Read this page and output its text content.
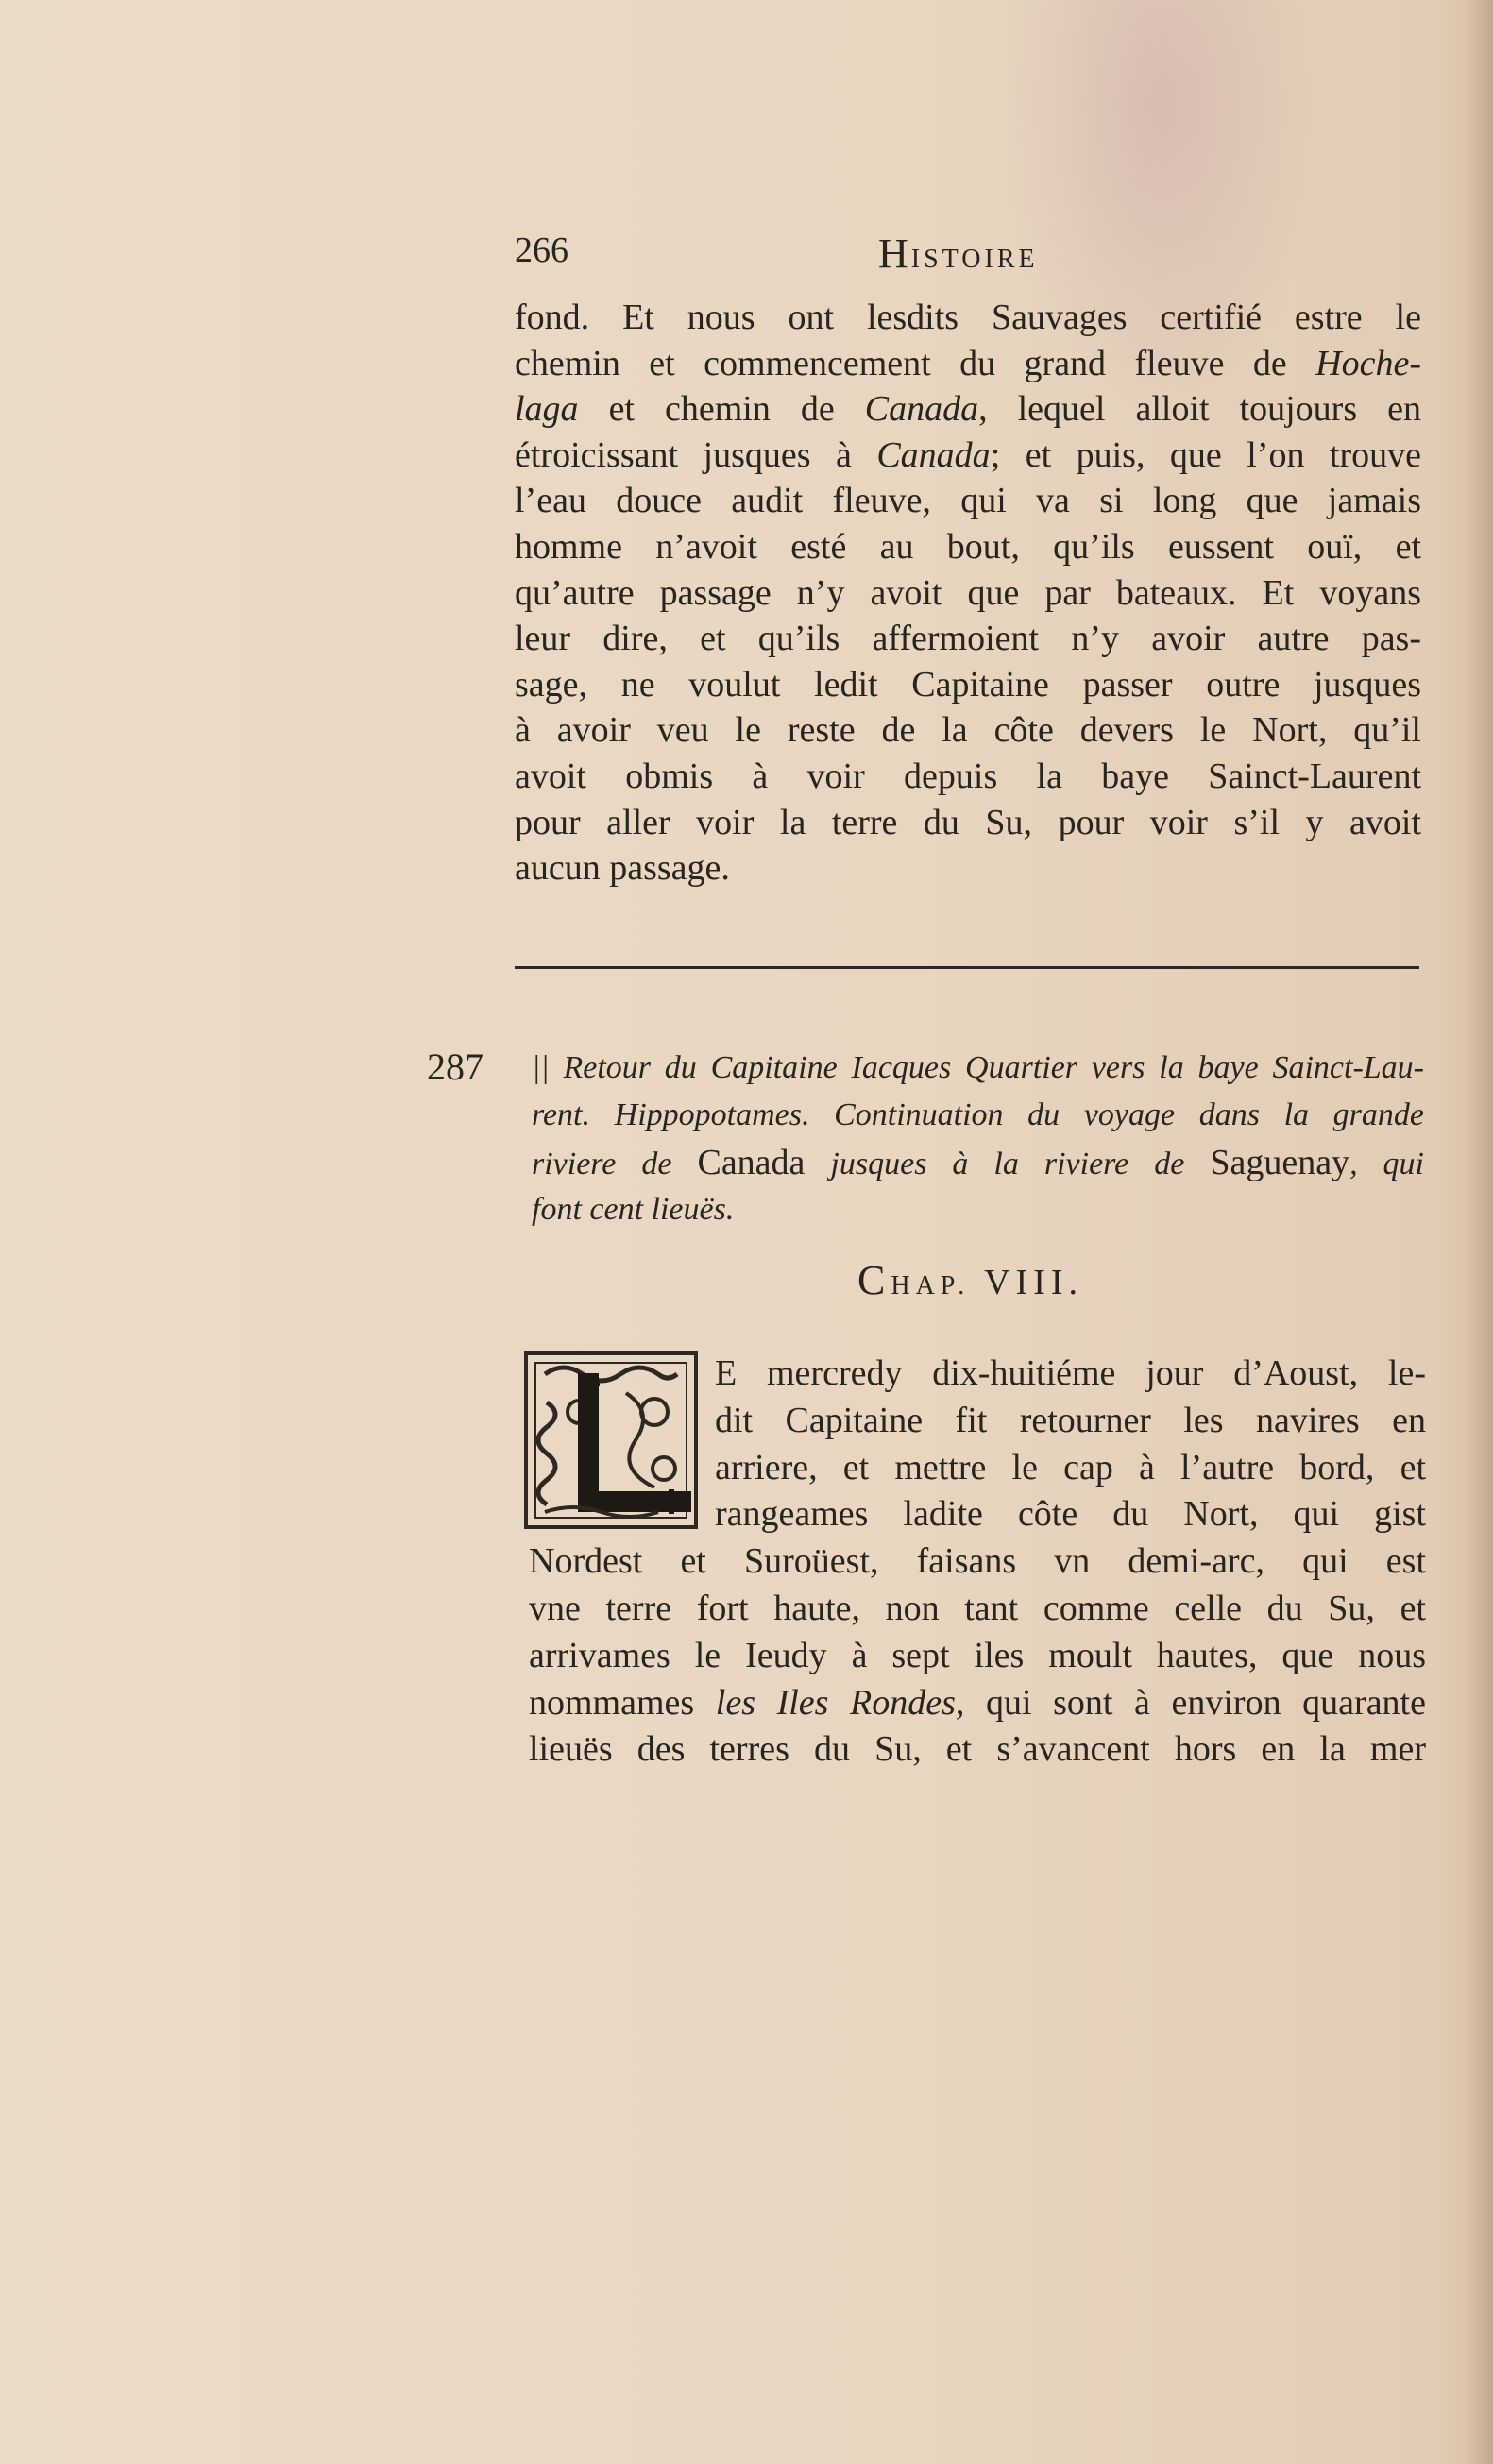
266	HISTOIRE
fond. Et nous ont lesdits Sauvages certifié estre le
chemin et commencement du grand fleuve de Hoche-
laga et chemin de Canada, lequel alloit toujours en
étroicissant jusques à Canada; et puis, que l’on trouve
l’eau douce audit fleuve, qui va si long que jamais
homme n’avoit esté au bout, qu’ils eussent ouï, et
qu’autre passage n’y avoit que par bateaux. Et voyans
leur dire, et qu’ils affermoient n’y avoir autre pas-
sage, ne voulut ledit Capitaine passer outre jusques
à avoir veu le reste de la côte devers le Nort, qu’il
avoit obmis à voir depuis la baye Sainct-Laurent
pour aller voir la terre du Su, pour voir s’il y avoit
aucun passage.
287 || Retour du Capitaine Iacques Quartier vers la baye Sainct-Lau-
rent. Hippopotames. Continuation du voyage dans la grande
riviere de Canada jusques à la riviere de Saguenay, qui
font cent lieuës.
CHAP. VIII.
E mercredy dix-huitiéme jour d’Aoust, le-
dit Capitaine fit retourner les navires en
arriere, et mettre le cap à l’autre bord, et
rangeames ladite côte du Nort, qui gist
Nordest et Suroüest, faisans vn demi-arc, qui est
vne terre fort haute, non tant comme celle du Su, et
arrivames le Ieudy à sept iles moult hautes, que nous
nommames les Iles Rondes, qui sont à environ quarante
lieuës des terres du Su, et s’avancent hors en la mer
